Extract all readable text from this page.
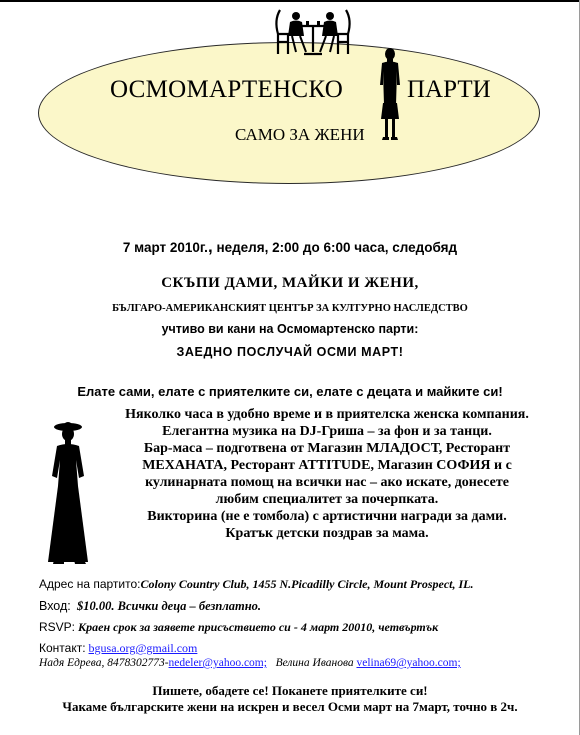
ОСМОМАРТЕНСКО	ПАРТИ
САМО ЗА ЖЕНИ
7 март 2010г., неделя, 2:00 до 6:00 часа, следобяд
СКЪПИ ДАМИ, МАЙКИ И ЖЕНИ,
БЪЛГАРО-АМЕРИКАНСКИЯТ ЦЕНТЪР ЗА КУЛТУРНО НАСЛЕДСТВО
учтиво ви кани на Осмомартенско парти:
ЗАЕДНО ПОСЛУЧАЙ ОСМИ МАРТ!
Елате сами, елате с приятелките си, елате с децата и майките си!
Няколко часа в удобно време и в приятелска женска компания.
Елегантна музика на DJ-Гриша – за фон и за танци.
Бар-маса – подготвена от Магазин МЛАДОСТ, Ресторант
МЕХАНАТА, Ресторант ATTITUDE, Магазин СОФИЯ и с
кулинарната помощ на всички нас – ако искате, донесете
любим специалитет за почерпката.
Викторина (не е томбола) с артистични награди за дами.
Кратък детски поздрав за мама.
Адрес на партито:Colony Country Club, 1455 N.Picadilly Circle, Mount Prospect, IL.
Вход: $10.00. Всички деца – безплатно.
RSVP: Краен срок за заявете присъствието си - 4 март 20010, четвъртък
Контакт: bgusa.org@gmail.com
Надя Едрева, 8478302773-nedeler@yahoo.com; Велина Иванова velina69@yahoo.com;
Пишете, обадете се! Поканете приятелките си!
Чакаме българските жени на искрен и весел Осми март на 7март, точно в 2ч.
